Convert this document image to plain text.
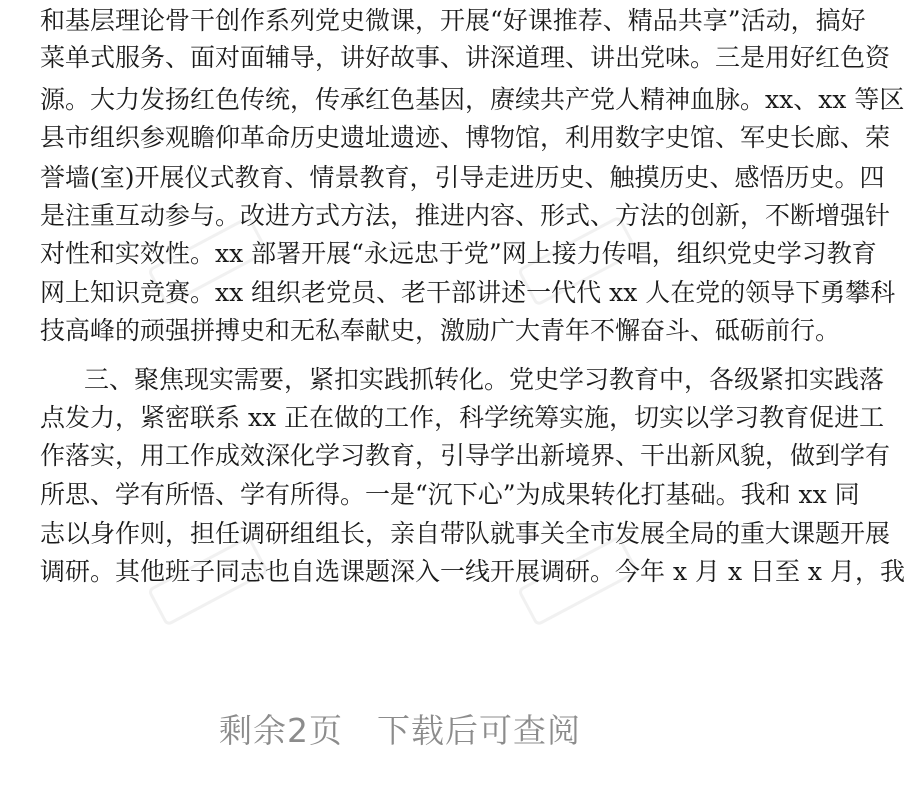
和基层理论骨干创作系列党史微课，开展“好课推荐、精品共享”活动，搞好
菜单式服务、面对面辅导，讲好故事、讲深道理、讲出党味。三是用好红色资
源。大力发扬红色传统，传承红色基因，赓续共产党人精神血脉。xx、xx 等区
县市组织参观瞻仰革命历史遗址遗迹、博物馆，利用数字史馆、军史长廊、荣
誉墙(室)开展仪式教育、情景教育，引导走进历史、触摸历史、感悟历史。四
是注重互动参与。改进方式方法，推进内容、形式、方法的创新，不断增强针
对性和实效性。xx 部署开展“永远忠于党”网上接力传唱，组织党史学习教育
网上知识竞赛。xx 组织老党员、老干部讲述一代代 xx 人在党的领导下勇攀科
技高峰的顽强拼搏史和无私奉献史，激励广大青年不懈奋斗、砥砺前行。
三、聚焦现实需要，紧扣实践抓转化。党史学习教育中，各级紧扣实践落
点发力，紧密联系 xx 正在做的工作，科学统筹实施，切实以学习教育促进工
作落实，用工作成效深化学习教育，引导学出新境界、干出新风貌，做到学有
所思、学有所悟、学有所得。一是“沉下心”为成果转化打基础。我和 xx 同
志以身作则，担任调研组组长，亲自带队就事关全市发展全局的重大课题开展
调研。其他班子同志也自选课题深入一线开展调研。今年 x 月 x 日至 x 月，我
剩余2页 下载后可查阅
